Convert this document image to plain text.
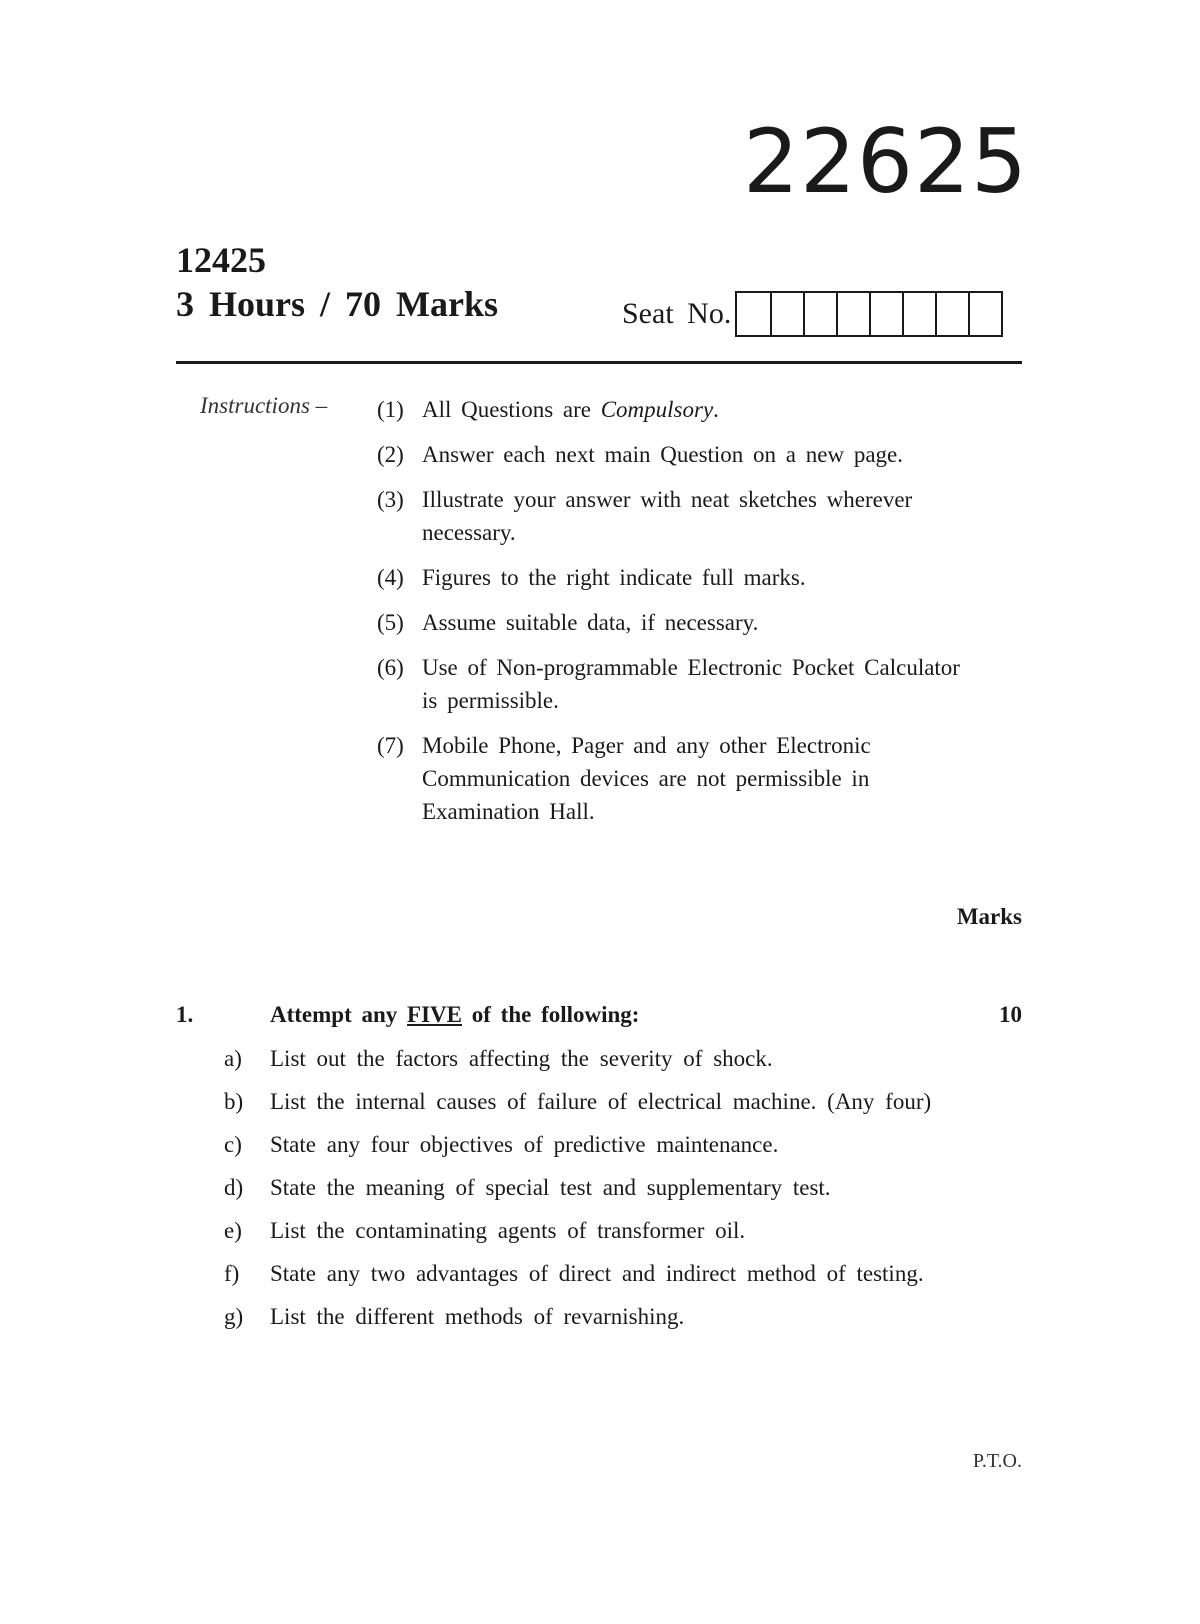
22625
12425
3 Hours / 70 Marks	Seat No.
Instructions – (1) All Questions are Compulsory.
(2) Answer each next main Question on a new page.
(3) Illustrate your answer with neat sketches wherever necessary.
(4) Figures to the right indicate full marks.
(5) Assume suitable data, if necessary.
(6) Use of Non-programmable Electronic Pocket Calculator is permissible.
(7) Mobile Phone, Pager and any other Electronic Communication devices are not permissible in Examination Hall.
Marks
1.	Attempt any FIVE of the following:	10
a)	List out the factors affecting the severity of shock.
b)	List the internal causes of failure of electrical machine. (Any four)
c)	State any four objectives of predictive maintenance.
d)	State the meaning of special test and supplementary test.
e)	List the contaminating agents of transformer oil.
f)	State any two advantages of direct and indirect method of testing.
g)	List the different methods of revarnishing.
P.T.O.
